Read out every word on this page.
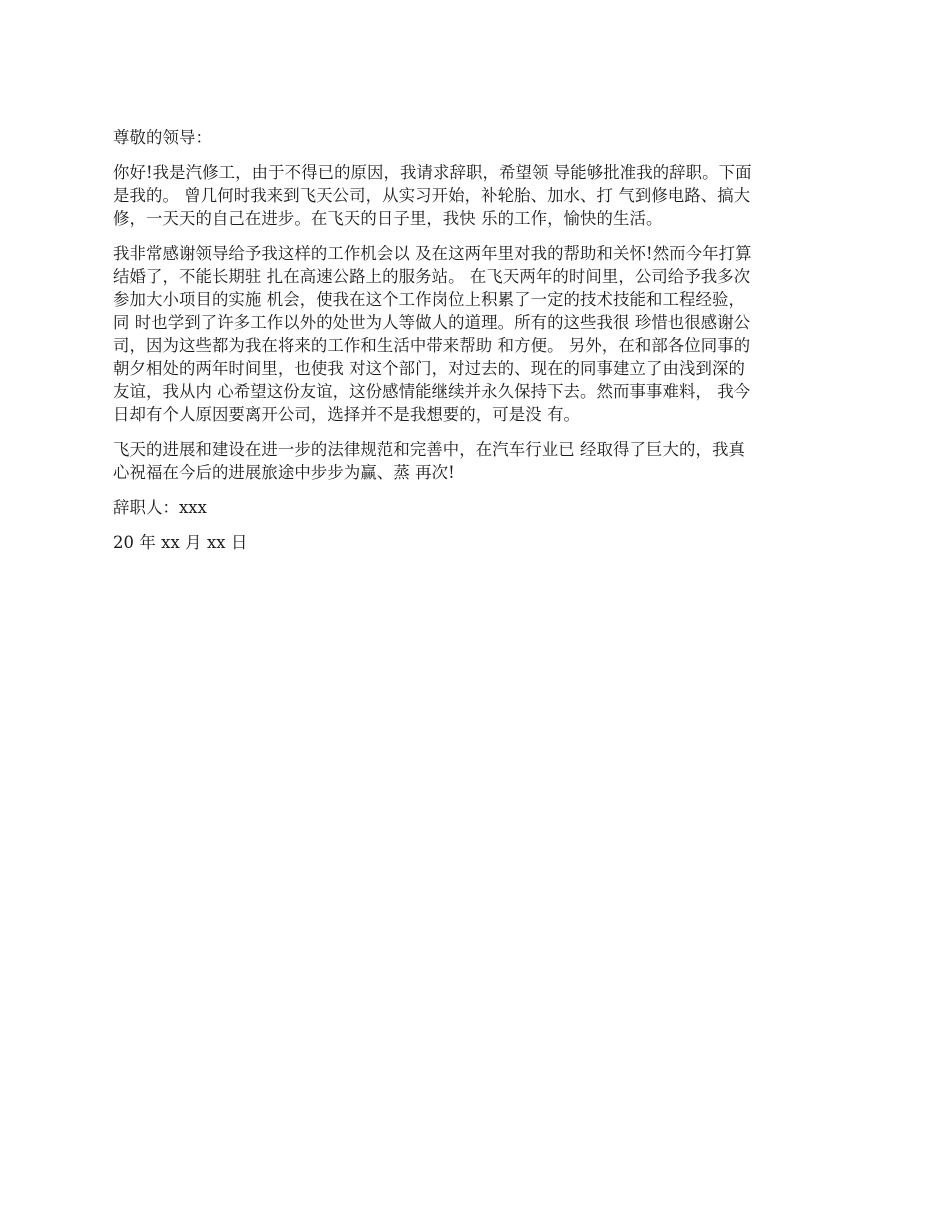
尊敬的领导：

你好!我是汽修工，由于不得已的原因，我请求辞职，希望领 导能够批准我的辞职。下面

是我的。 曾几何时我来到飞天公司，从实习开始，补轮胎、加水、打 气到修电路、搞大

修，一天天的自己在进步。在飞天的日子里，我快 乐的工作，愉快的生活。

我非常感谢领导给予我这样的工作机会以 及在这两年里对我的帮助和关怀!然而今年打算

结婚了，不能长期驻 扎在高速公路上的服务站。 在飞天两年的时间里，公司给予我多次

参加大小项目的实施 机会，使我在这个工作岗位上积累了一定的技术技能和工程经验，

同 时也学到了许多工作以外的处世为人等做人的道理。所有的这些我很 珍惜也很感谢公

司，因为这些都为我在将来的工作和生活中带来帮助 和方便。 另外，在和部各位同事的

朝夕相处的两年时间里，也使我 对这个部门，对过去的、现在的同事建立了由浅到深的

友谊，我从内 心希望这份友谊，这份感情能继续并永久保持下去。然而事事难料， 我今

日却有个人原因要离开公司，选择并不是我想要的，可是没 有。

飞天的进展和建设在进一步的法律规范和完善中，在汽车行业已 经取得了巨大的，我真

心祝福在今后的进展旅途中步步为赢、蒸 再次!

辞职人：xxx

20 年 xx 月 xx 日
